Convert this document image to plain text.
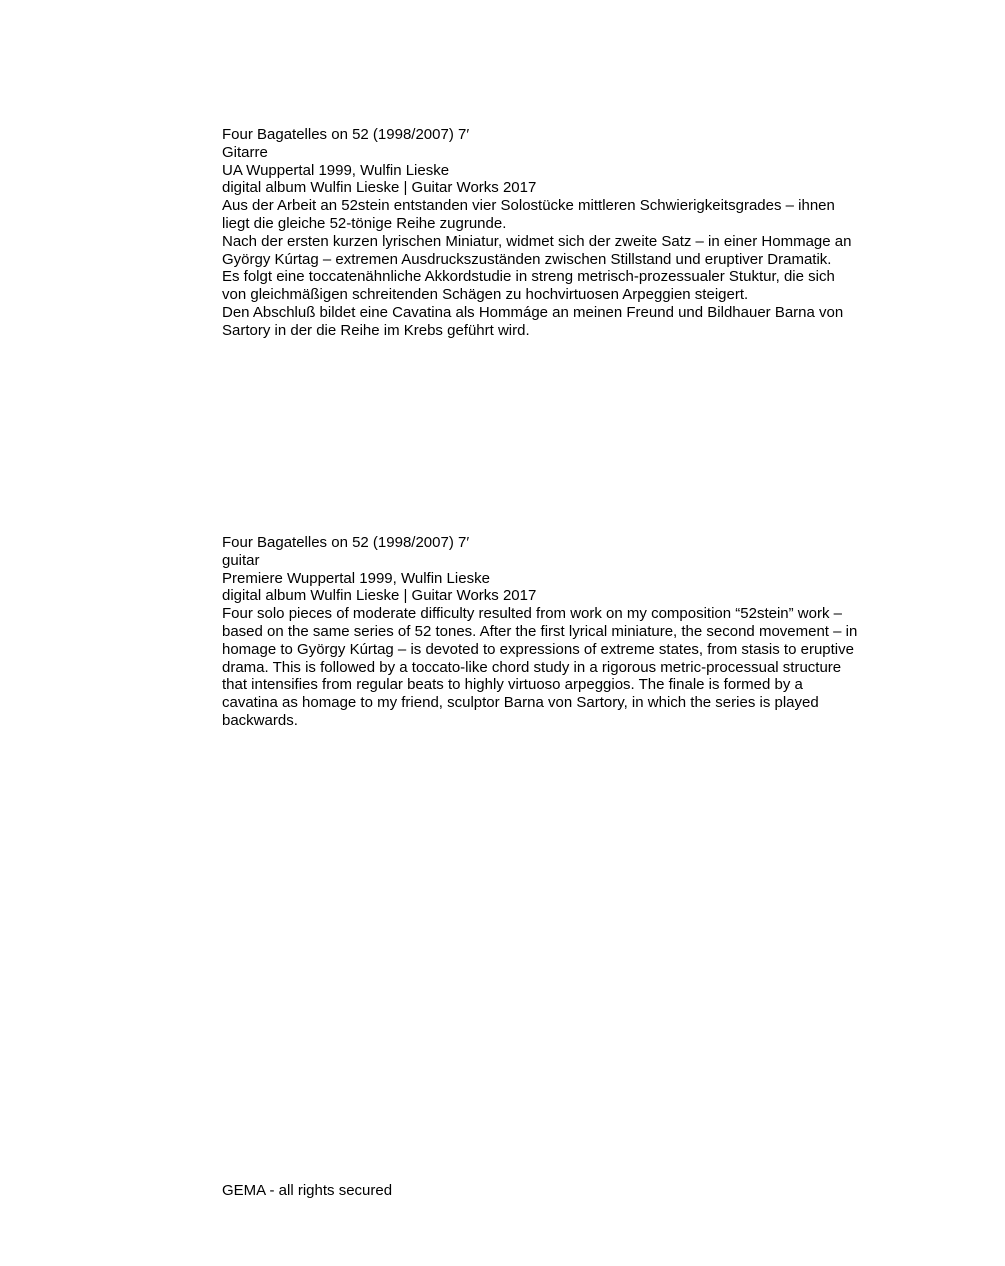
Four Bagatelles on 52 (1998/2007) 7′
Gitarre
UA Wuppertal 1999, Wulfin Lieske
digital album Wulfin Lieske | Guitar Works 2017

Aus der Arbeit an 52stein entstanden vier Solostücke mittleren Schwierigkeitsgrades – ihnen liegt die gleiche 52-tönige Reihe zugrunde.

Nach der ersten kurzen lyrischen Miniatur, widmet sich der zweite Satz – in einer Hommage an György Kúrtag – extremen Ausdruckszuständen zwischen Stillstand und eruptiver Dramatik.

Es folgt eine toccatenähnliche Akkordstudie in streng metrisch-prozessualer Stuktur, die sich von gleichmäßigen schreitenden Schägen zu hochvirtuosen Arpeggien steigert.

Den Abschluß bildet eine Cavatina als Hommáge an meinen Freund und Bildhauer Barna von Sartory in der die Reihe im Krebs geführt wird.

Four Bagatelles on 52 (1998/2007) 7′
guitar
Premiere Wuppertal 1999, Wulfin Lieske
digital album Wulfin Lieske | Guitar Works 2017

Four solo pieces of moderate difficulty resulted from work on my composition “52stein” work – based on the same series of 52 tones. After the first lyrical miniature, the second movement – in homage to György Kúrtag – is devoted to expressions of extreme states, from stasis to eruptive drama. This is followed by a toccato-like chord study in a rigorous metric-processual structure that intensifies from regular beats to highly virtuoso arpeggios. The finale is formed by a cavatina as homage to my friend, sculptor Barna von Sartory, in which the series is played backwards.

GEMA - all rights secured
